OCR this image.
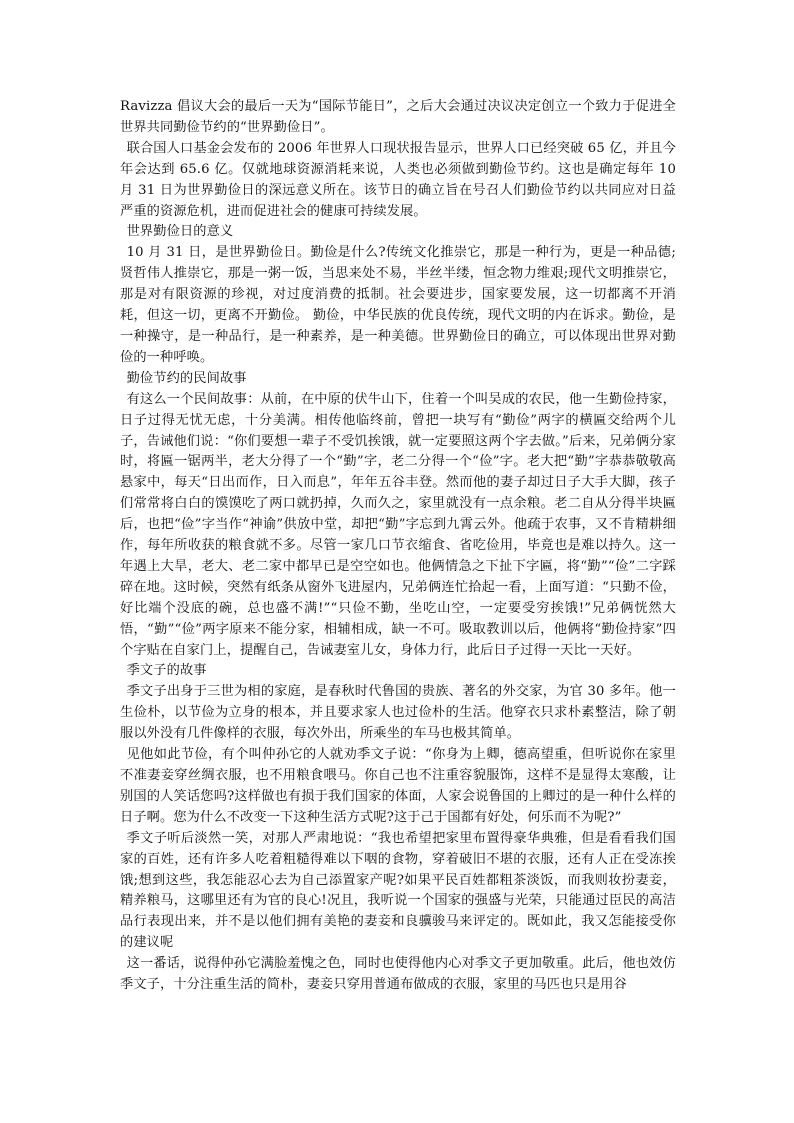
Ravizza 倡议大会的最后一天为“国际节能日”，之后大会通过决议决定创立一个致力于促进全世界共同勤俭节约的“世界勤俭日”。

联合国人口基金会发布的 2006 年世界人口现状报告显示，世界人口已经突破 65 亿，并且今年会达到 65.6 亿。仅就地球资源消耗来说，人类也必须做到勤俭节约。这也是确定每年 10 月 31 日为世界勤俭日的深远意义所在。该节日的确立旨在号召人们勤俭节约以共同应对日益严重的资源危机，进而促进社会的健康可持续发展。

世界勤俭日的意义

10 月 31 日，是世界勤俭日。勤俭是什么?传统文化推崇它，那是一种行为，更是一种品德;贤哲伟人推崇它，那是一粥一饭，当思来处不易，半丝半缕，恒念物力维艰;现代文明推崇它，那是对有限资源的珍视，对过度消费的抵制。社会要进步，国家要发展，这一切都离不开消耗，但这一切，更离不开勤俭。 勤俭，中华民族的优良传统，现代文明的内在诉求。勤俭，是一种操守，是一种品行，是一种素养，是一种美德。世界勤俭日的确立，可以体现出世界对勤俭的一种呼唤。

勤俭节约的民间故事

有这么一个民间故事：从前，在中原的伏牛山下，住着一个叫吴成的农民，他一生勤俭持家，日子过得无忧无虑，十分美满。相传他临终前，曾把一块写有“勤俭”两字的横匾交给两个儿子，告诫他们说：“你们要想一辈子不受饥挨饿，就一定要照这两个字去做。”后来，兄弟俩分家时，将匾一锯两半，老大分得了一个“勤”字，老二分得一个“俭”字。老大把“勤”字恭恭敬敬高悬家中，每天“日出而作，日入而息”，年年五谷丰登。然而他的妻子却过日子大手大脚，孩子们常常将白白的馍馍吃了两口就扔掉，久而久之，家里就没有一点余粮。老二自从分得半块匾后，也把“俭”字当作“神谕”供放中堂，却把“勤”字忘到九霄云外。他疏于农事，又不肯精耕细作，每年所收获的粮食就不多。尽管一家几口节衣缩食、省吃俭用，毕竟也是难以持久。这一年遇上大旱，老大、老二家中都早已是空空如也。他俩情急之下扯下字匾，将“勤”“俭”二字踩碎在地。这时候，突然有纸条从窗外飞进屋内，兄弟俩连忙拾起一看，上面写道：“只勤不俭，好比端个没底的碗，总也盛不满!”“只俭不勤，坐吃山空，一定要受穷挨饿!”兄弟俩恍然大悟，“勤”“俭”两字原来不能分家，相辅相成，缺一不可。吸取教训以后，他俩将“勤俭持家”四个字贴在自家门上，提醒自己，告诫妻室儿女，身体力行，此后日子过得一天比一天好。

季文子的故事

季文子出身于三世为相的家庭，是春秋时代鲁国的贵族、著名的外交家，为官 30 多年。他一生俭朴，以节俭为立身的根本，并且要求家人也过俭朴的生活。他穿衣只求朴素整洁，除了朝服以外没有几件像样的衣服，每次外出，所乘坐的车马也极其简单。

见他如此节俭，有个叫仲孙它的人就劝季文子说：“你身为上卿，德高望重，但听说你在家里不准妻妾穿丝绸衣服，也不用粮食喂马。你自己也不注重容貌服饰，这样不是显得太寒酸，让别国的人笑话您吗?这样做也有损于我们国家的体面，人家会说鲁国的上卿过的是一种什么样的日子啊。您为什么不改变一下这种生活方式呢?这于己于国都有好处，何乐而不为呢?”

季文子听后淡然一笑，对那人严肃地说：“我也希望把家里布置得豪华典雅，但是看看我们国家的百姓，还有许多人吃着粗糙得难以下咽的食物，穿着破旧不堪的衣服，还有人正在受冻挨饿;想到这些，我怎能忍心去为自己添置家产呢?如果平民百姓都粗茶淡饭，而我则妆扮妻妾，精养粮马，这哪里还有为官的良心!况且，我听说一个国家的强盛与光荣，只能通过臣民的高洁品行表现出来，并不是以他们拥有美艳的妻妾和良骥骏马来评定的。既如此，我又怎能接受你的建议呢

这一番话，说得仲孙它满脸羞愧之色，同时也使得他内心对季文子更加敬重。此后，他也效仿季文子，十分注重生活的简朴，妻妾只穿用普通布做成的衣服，家里的马匹也只是用谷
